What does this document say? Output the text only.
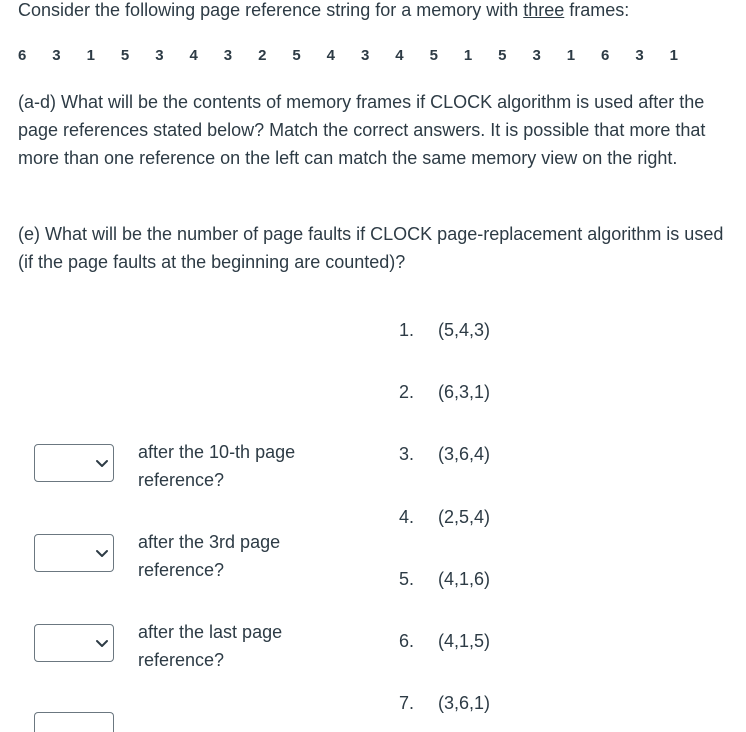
Consider the following page reference string for a memory with three frames:

6 3 1 5 3 4 3 2 5 4 3 4 5 1 5 3 1 6 3 1

(a-d) What will be the contents of memory frames if CLOCK algorithm is used after the page references stated below? Match the correct answers. It is possible that more that more than one reference on the left can match the same memory view on the right.

(e) What will be the number of page faults if CLOCK page-replacement algorithm is used (if the page faults at the beginning are counted)?

after the 10-th page reference?
after the 3rd page reference?
after the last page reference?
1. (5,4,3)
2. (6,3,1)
3. (3,6,4)
4. (2,5,4)
5. (4,1,6)
6. (4,1,5)
7. (3,6,1)
